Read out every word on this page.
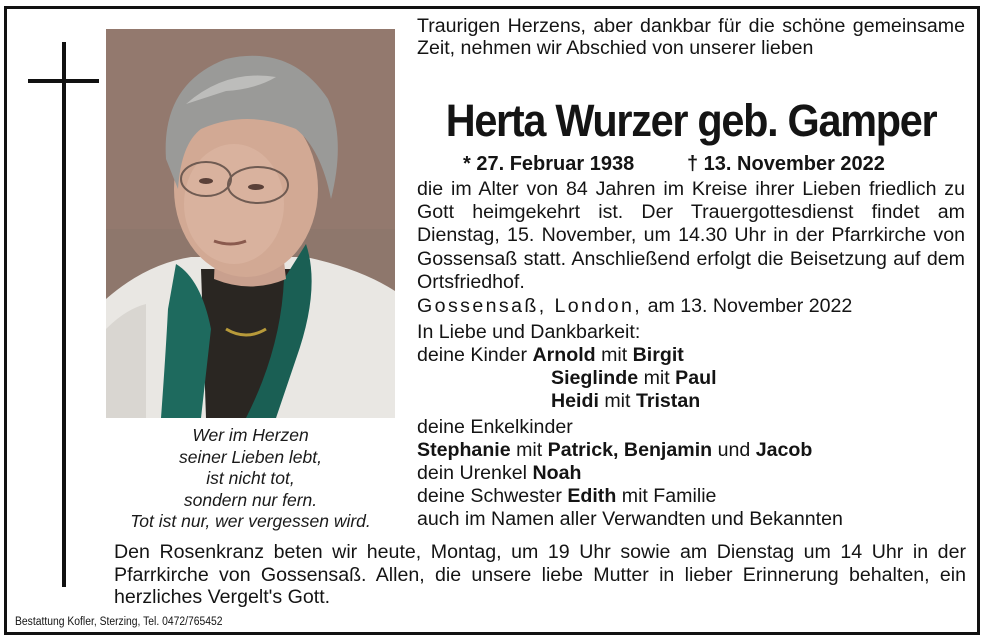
Wer im Herzen
seiner Lieben lebt,
ist nicht tot,
sondern nur fern.
Tot ist nur, wer vergessen wird.
Traurigen Herzens, aber dankbar für die schöne gemeinsame Zeit, nehmen wir Abschied von unserer lieben
Herta Wurzer geb. Gamper
* 27. Februar 1938	† 13. November 2022
die im Alter von 84 Jahren im Kreise ihrer Lieben friedlich zu Gott heimgekehrt ist. Der Trauergottesdienst findet am Dienstag, 15. November, um 14.30 Uhr in der Pfarrkirche von Gossensaß statt. Anschließend erfolgt die Beisetzung auf dem Ortsfriedhof.
Gossensaß, London, am 13. November 2022
In Liebe und Dankbarkeit:
deine Kinder Arnold mit Birgit
Sieglinde mit Paul
Heidi mit Tristan
deine Enkelkinder
Stephanie mit Patrick, Benjamin und Jacob
dein Urenkel Noah
deine Schwester Edith mit Familie
auch im Namen aller Verwandten und Bekannten
Den Rosenkranz beten wir heute, Montag, um 19 Uhr sowie am Dienstag um 14 Uhr in der Pfarrkirche von Gossensaß. Allen, die unsere liebe Mutter in lieber Erinnerung behalten, ein herzliches Vergelt's Gott.
Bestattung Kofler, Sterzing, Tel. 0472/765452
